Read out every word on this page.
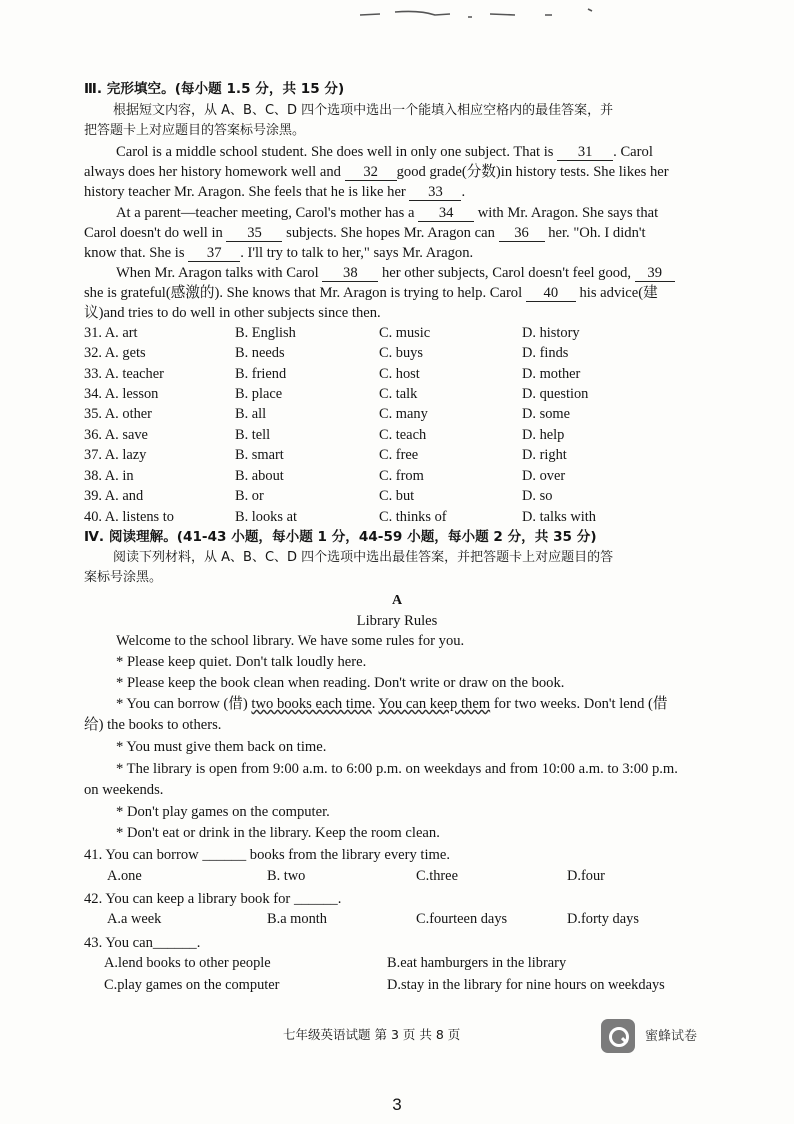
Ⅲ. 完形填空。(每小题 1.5 分，共 15 分)
根据短文内容，从 A、B、C、D 四个选项中选出一个能填入相应空格内的最佳答案，并
把答题卡上对应题目的答案标号涂黑。
Carol is a middle school student. She does well in only one subject. That is 31 . Carol
always does her history homework well and 32 good grade(分数)in history tests. She likes her
history teacher Mr. Aragon. She feels that he is like her 33 .
At a parent—teacher meeting, Carol's mother has a 34 with Mr. Aragon. She says that
Carol doesn't do well in 35 subjects. She hopes Mr. Aragon can 36 her. "Oh. I didn't
know that. She is 37 . I'll try to talk to her," says Mr. Aragon.
When Mr. Aragon talks with Carol 38 her other subjects, Carol doesn't feel good, 39
she is grateful(感激的). She knows that Mr. Aragon is trying to help. Carol 40 his advice(建
议)and tries to do well in other subjects since then.
31. A. art	B. English	C. music	D. history
32. A. gets	B. needs	C. buys	D. finds
33. A. teacher	B. friend	C. host	D. mother
34. A. lesson	B. place	C. talk	D. question
35. A. other	B. all	C. many	D. some
36. A. save	B. tell	C. teach	D. help
37. A. lazy	B. smart	C. free	D. right
38. A. in	B. about	C. from	D. over
39. A. and	B. or	C. but	D. so
40. A. listens to	B. looks at	C. thinks of	D. talks with
Ⅳ. 阅读理解。(41-43 小题，每小题 1 分，44-59 小题，每小题 2 分，共 35 分)
阅读下列材料，从 A、B、C、D 四个选项中选出最佳答案，并把答题卡上对应题目的答
案标号涂黑。
A
Library Rules
Welcome to the school library. We have some rules for you.
* Please keep quiet. Don't talk loudly here.
* Please keep the book clean when reading. Don't write or draw on the book.
* You can borrow (借) two books each time. You can keep them for two weeks. Don't lend (借
给) the books to others.
* You must give them back on time.
* The library is open from 9:00 a.m. to 6:00 p.m. on weekdays and from 10:00 a.m. to 3:00 p.m.
on weekends.
* Don't play games on the computer.
* Don't eat or drink in the library. Keep the room clean.
41. You can borrow ______ books from the library every time.
A.one	B. two	C.three	D.four
42. You can keep a library book for ______.
A.a week	B.a month	C.fourteen days	D.forty days
43. You can______.
A.lend books to other people	B.eat hamburgers in the library
C.play games on the computer	D.stay in the library for nine hours on weekdays
七年级英语试题 第 3 页 共 8 页	蜜蜂试卷
3
